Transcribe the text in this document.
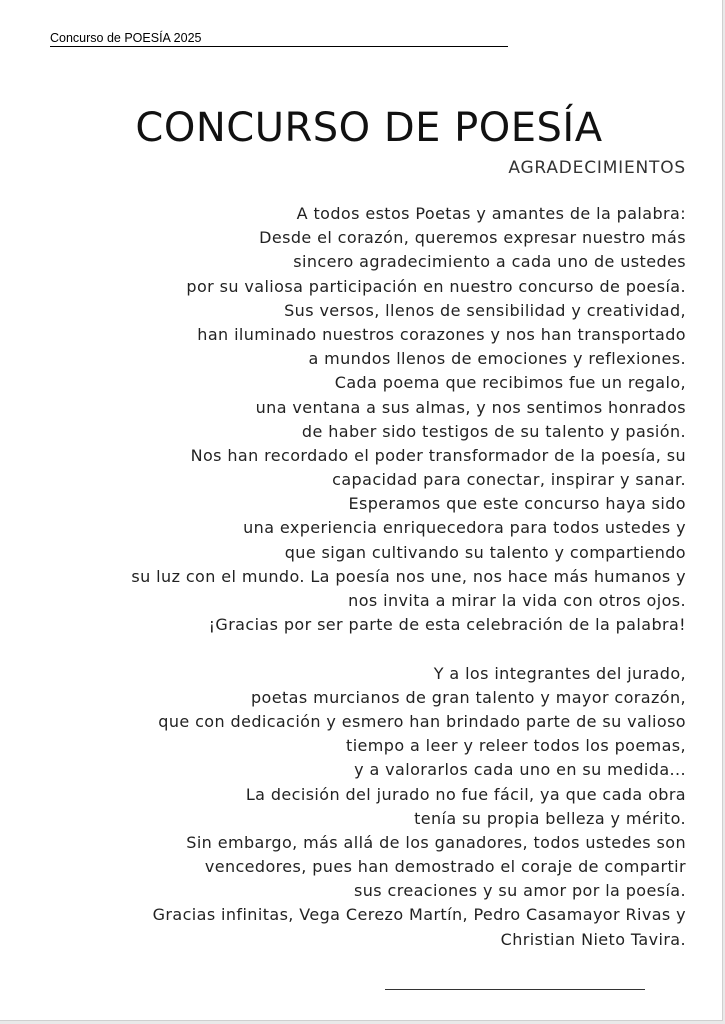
Concurso de POESÍA 2025
CONCURSO DE POESÍA
AGRADECIMIENTOS
A todos estos Poetas y amantes de la palabra:
Desde el corazón, queremos expresar nuestro más
sincero agradecimiento a cada uno de ustedes
por su valiosa participación en nuestro concurso de poesía.
Sus versos, llenos de sensibilidad y creatividad,
han iluminado nuestros corazones y nos han transportado
a mundos llenos de emociones y reflexiones.
Cada poema que recibimos fue un regalo,
una ventana a sus almas, y nos sentimos honrados
de haber sido testigos de su talento y pasión.
Nos han recordado el poder transformador de la poesía, su
capacidad para conectar, inspirar y sanar.
Esperamos que este concurso haya sido
una experiencia enriquecedora para todos ustedes y
que sigan cultivando su talento y compartiendo
su luz con el mundo. La poesía nos une, nos hace más humanos y
nos invita a mirar la vida con otros ojos.
¡Gracias por ser parte de esta celebración de la palabra!
Y a los integrantes del jurado,
poetas murcianos de gran talento y mayor corazón,
que con dedicación y esmero han brindado parte de su valioso
tiempo a leer y releer todos los poemas,
y a valorarlos cada uno en su medida...
La decisión del jurado no fue fácil, ya que cada obra
tenía su propia belleza y mérito.
Sin embargo, más allá de los ganadores, todos ustedes son
vencedores, pues han demostrado el coraje de compartir
sus creaciones y su amor por la poesía.
Gracias infinitas, Vega Cerezo Martín, Pedro Casamayor Rivas y
Christian Nieto Tavira.
